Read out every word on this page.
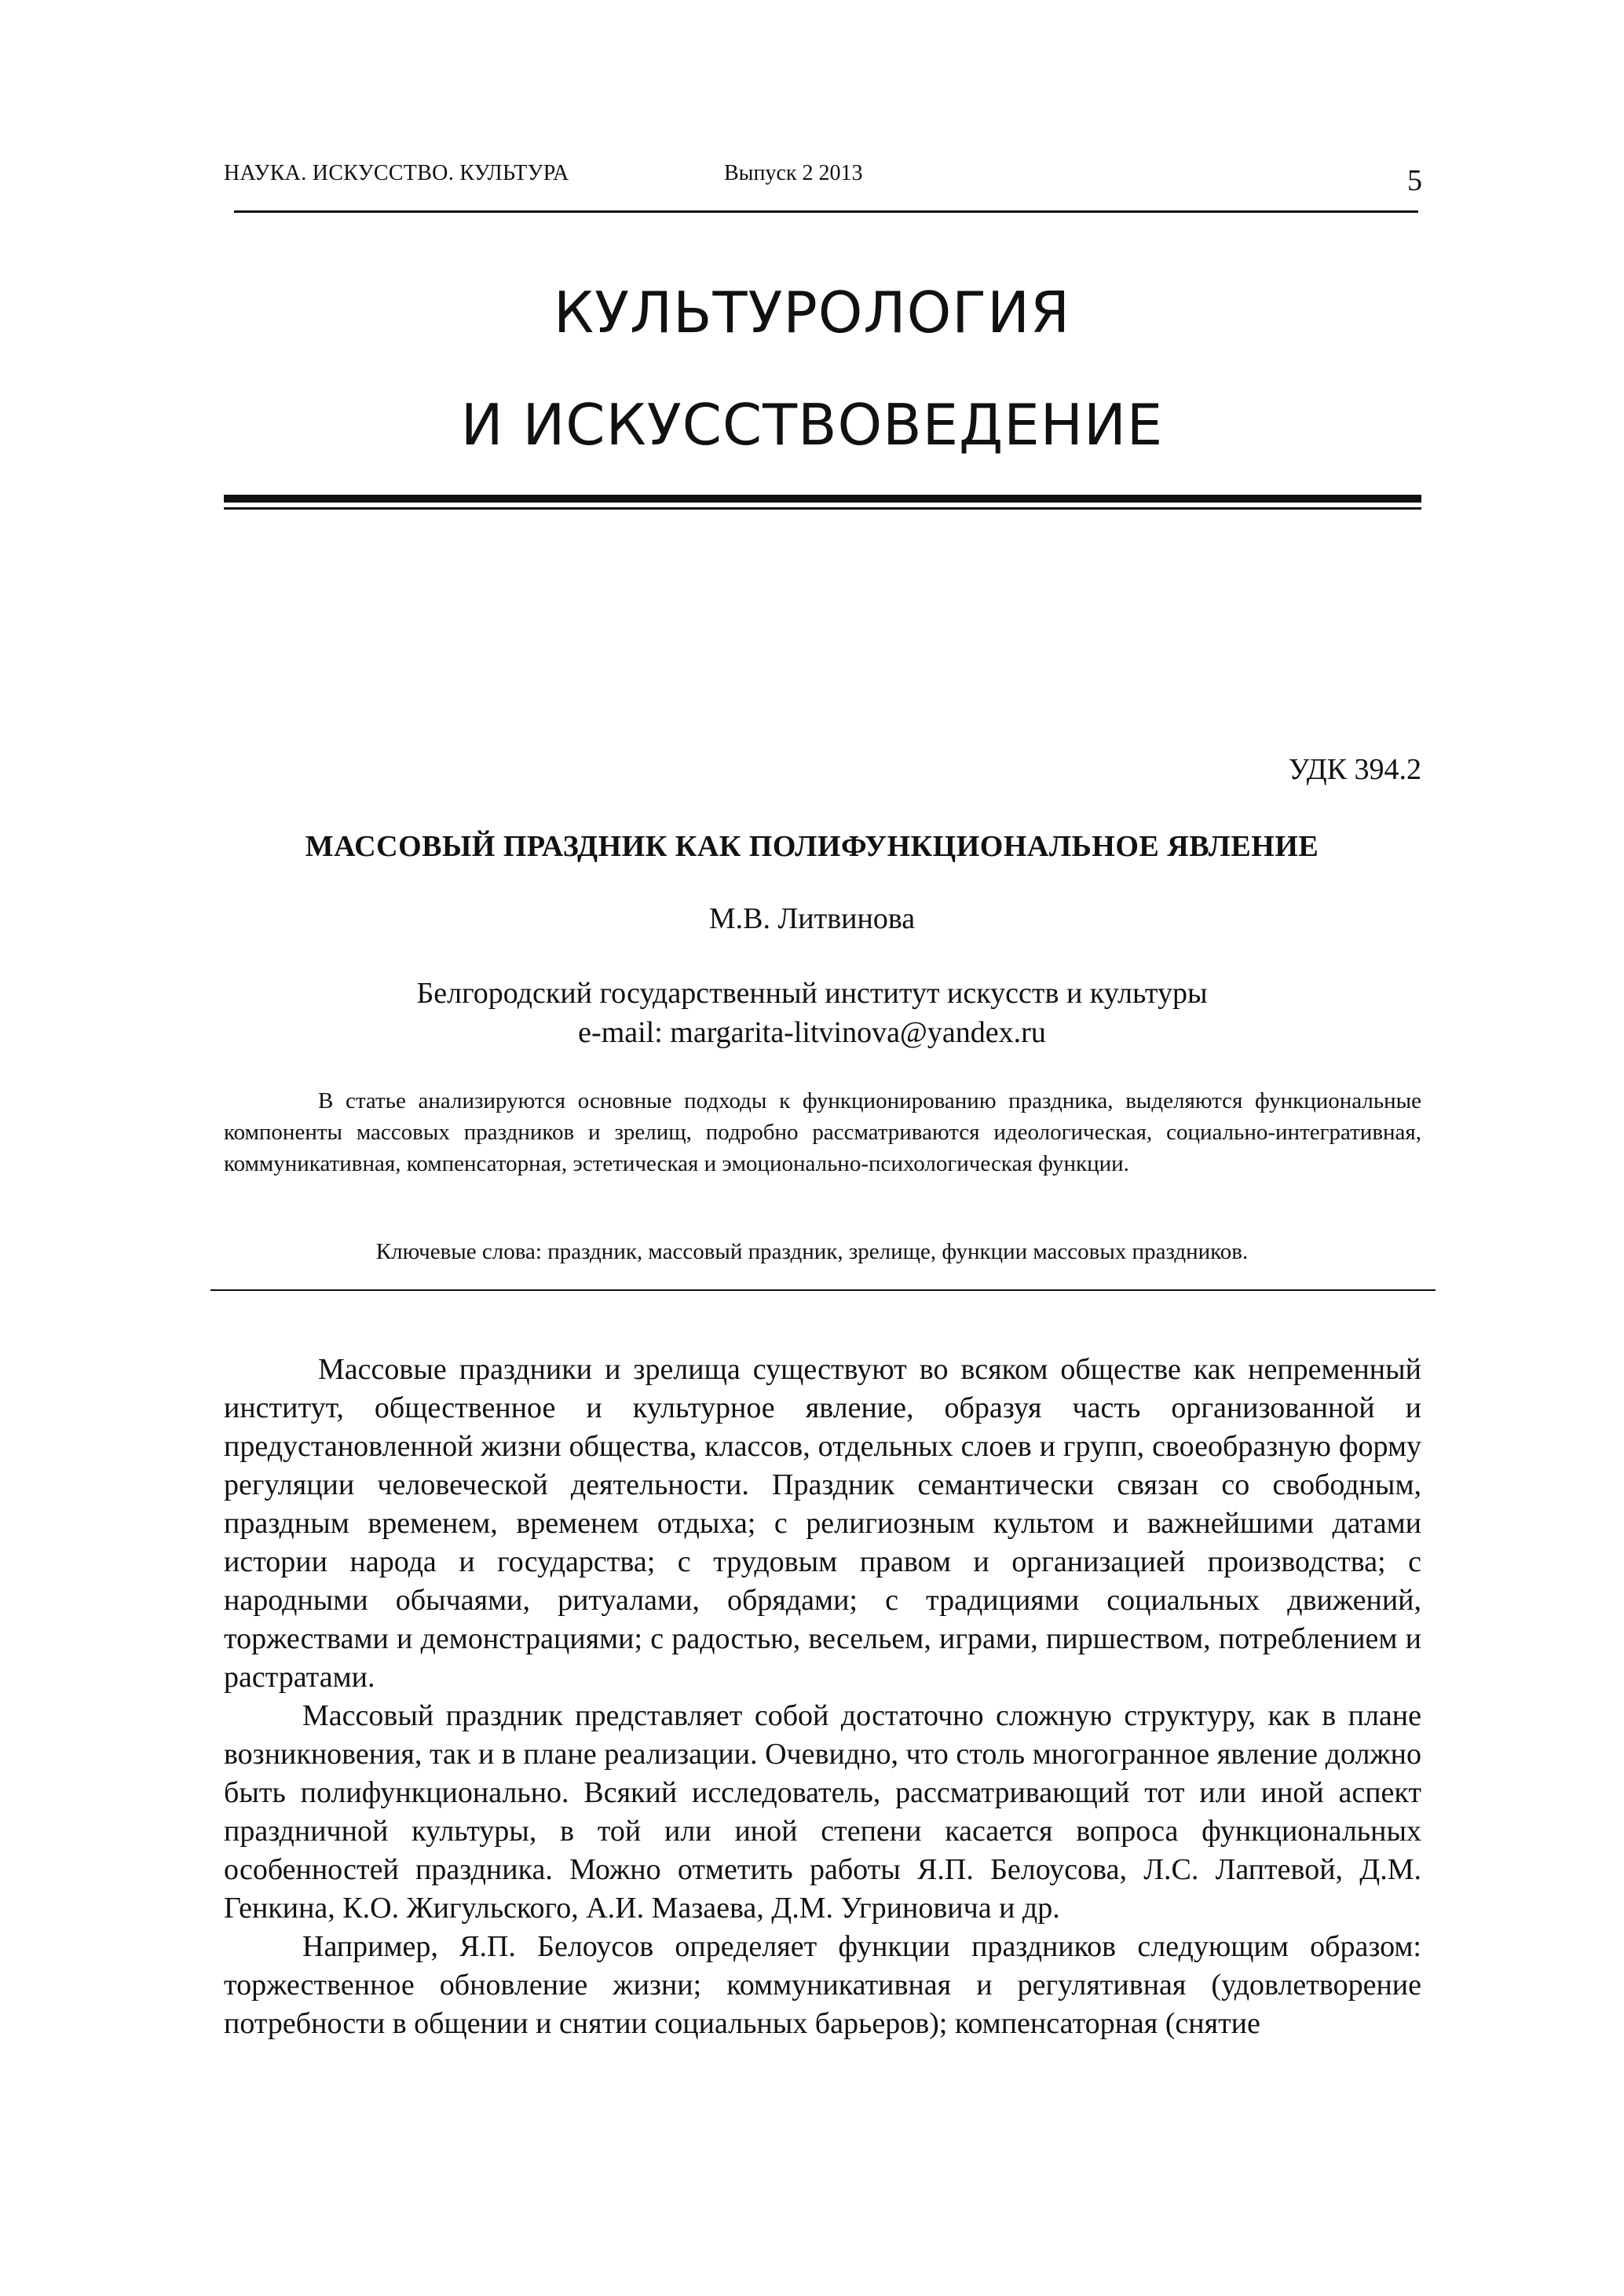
НАУКА. ИСКУССТВО. КУЛЬТУРА	Выпуск 2 2013	5
КУЛЬТУРОЛОГИЯ
И ИСКУССТВОВЕДЕНИЕ
УДК 394.2
МАССОВЫЙ ПРАЗДНИК КАК ПОЛИФУНКЦИОНАЛЬНОЕ ЯВЛЕНИЕ
М.В. Литвинова
Белгородский государственный институт искусств и культуры
e-mail: margarita-litvinova@yandex.ru
В статье анализируются основные подходы к функционированию праздника, выделяются функциональные компоненты массовых праздников и зрелищ, подробно рассматриваются идеологическая, социально-интегративная, коммуникативная, компенсаторная, эстетическая и эмоционально-психологическая функции.
Ключевые слова: праздник, массовый праздник, зрелище, функции массовых праздников.

Массовые праздники и зрелища существуют во всяком обществе как непременный институт, общественное и культурное явление, образуя часть организованной и предустановленной жизни общества, классов, отдельных слоев и групп, своеобразную форму регуляции человеческой деятельности. Праздник семантически связан со свободным, праздным временем, временем отдыха; с религиозным культом и важнейшими датами истории народа и государства; с трудовым правом и организацией производства; с народными обычаями, ритуалами, обрядами; с традициями социальных движений, торжествами и демонстрациями; с радостью, весельем, играми, пиршеством, потреблением и растратами.

Массовый праздник представляет собой достаточно сложную структуру, как в плане возникновения, так и в плане реализации. Очевидно, что столь многогранное явление должно быть полифункционально. Всякий исследователь, рассматривающий тот или иной аспект праздничной культуры, в той или иной степени касается вопроса функциональных особенностей праздника. Можно отметить работы Я.П. Белоусова, Л.С. Лаптевой, Д.М. Генкина, К.О. Жигульского, А.И. Мазаева, Д.М. Угриновича и др.

Например, Я.П. Белоусов определяет функции праздников следующим образом: торжественное обновление жизни; коммуникативная и регулятивная (удовлетворение потребности в общении и снятии социальных барьеров); компенсаторная (снятие
